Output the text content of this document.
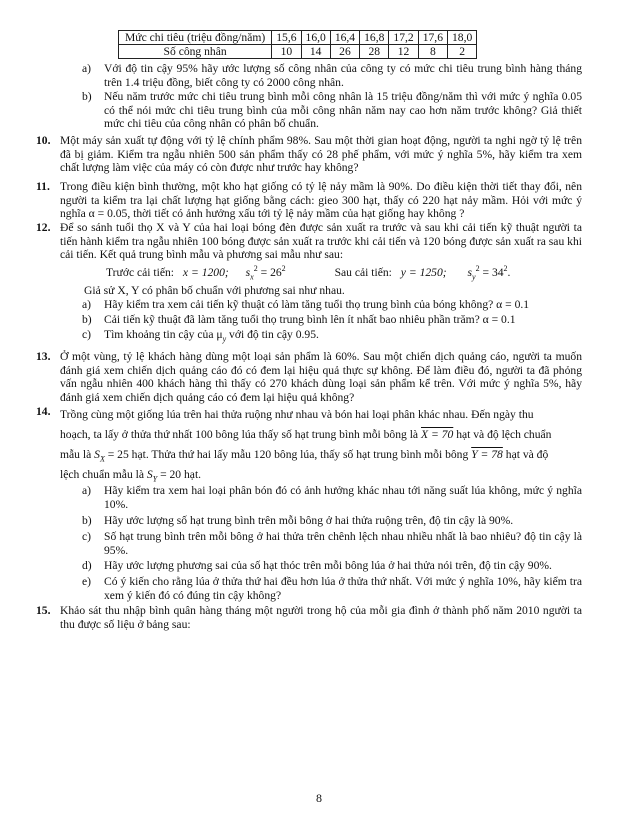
Mức chi tiêu (triệu đồng/năm)	15,6	16,0	16,4	16,8	17,2	17,6	18,0
Số công nhân	10	14	26	28	12	8	2
a)	Với độ tin cậy 95% hãy ước lượng số công nhân của công ty có mức chi tiêu trung bình hàng tháng trên 1.4 triệu đồng, biết công ty có 2000 công nhân.
b)	Nếu năm trước mức chi tiêu trung bình mỗi công nhân là 15 triệu đồng/năm thì với mức ý nghĩa 0.05 có thể nói mức chi tiêu trung bình của mỗi công nhân năm nay cao hơn năm trước không? Giả thiết mức chi tiêu của công nhân có phân bố chuẩn.
10. Một máy sản xuất tự động với tỷ lệ chính phẩm 98%. Sau một thời gian hoạt động, người ta nghi ngờ tỷ lệ trên đã bị giảm. Kiểm tra ngẫu nhiên 500 sản phẩm thấy có 28 phế phẩm, với mức ý nghĩa 5%, hãy kiểm tra xem chất lượng làm việc của máy có còn được như trước hay không?
11. Trong điều kiện bình thường, một kho hạt giống có tỷ lệ nảy mầm là 90%. Do điều kiện thời tiết thay đổi, nên người ta kiểm tra lại chất lượng hạt giống bằng cách: gieo 300 hạt, thấy có 220 hạt nảy mầm. Hỏi với mức ý nghĩa α = 0.05, thời tiết có ảnh hưởng xấu tới tỷ lệ nảy mầm của hạt giống hay không ?
12. Để so sánh tuổi thọ X và Y của hai loại bóng đèn được sản xuất ra trước và sau khi cải tiến kỹ thuật người ta tiến hành kiểm tra ngẫu nhiên 100 bóng được sản xuất ra trước khi cải tiến và 120 bóng được sản xuất ra sau khi cải tiến. Kết quả trung bình mẫu và phương sai mẫu như sau:
Trước cải tiến: x = 1200; $s_x^2 = 26^2$	Sau cải tiến: y = 1250; $s_y^2 = 34^2$.
Giả sử X, Y có phân bố chuẩn với phương sai như nhau.
a)	Hãy kiểm tra xem cải tiến kỹ thuật có làm tăng tuổi thọ trung bình của bóng không? α = 0.1
b)	Cải tiến kỹ thuật đã làm tăng tuổi thọ trung bình lên ít nhất bao nhiêu phần trăm? α = 0.1
c)	Tìm khoảng tin cậy của $\mu_y$ với độ tin cậy 0.95.
13. Ở một vùng, tỷ lệ khách hàng dùng một loại sản phẩm là 60%. Sau một chiến dịch quảng cáo, người ta muốn đánh giá xem chiến dịch quảng cáo đó có đem lại hiệu quả thực sự không. Để làm điều đó, người ta đã phỏng vấn ngẫu nhiên 400 khách hàng thì thấy có 270 khách dùng loại sản phẩm kể trên. Với mức ý nghĩa 5%, hãy đánh giá xem chiến dịch quảng cáo có đem lại hiệu quả không?
14. Trồng cùng một giống lúa trên hai thửa ruộng như nhau và bón hai loại phân khác nhau. Đến ngày thu
hoạch, ta lấy ở thửa thứ nhất 100 bông lúa thấy số hạt trung bình mỗi bông là X = 70 hạt và độ lệch chuẩn
mẫu là $S_X = 25$ hạt. Thửa thứ hai lấy mẫu 120 bông lúa, thấy số hạt trung bình mỗi bông Y = 78 hạt và độ
lệch chuẩn mẫu là $S_Y = 20$ hạt.
a)	Hãy kiểm tra xem hai loại phân bón đó có ảnh hưởng khác nhau tới năng suất lúa không, mức ý nghĩa 10%.
b)	Hãy ước lượng số hạt trung bình trên mỗi bông ở hai thửa ruộng trên, độ tin cậy là 90%.
c)	Số hạt trung bình trên mỗi bông ở hai thửa trên chênh lệch nhau nhiều nhất là bao nhiêu? độ tin cậy là 95%.
d)	Hãy ước lượng phương sai của số hạt thóc trên mỗi bông lúa ở hai thửa nói trên, độ tin cậy 90%.
e)	Có ý kiến cho rằng lúa ở thửa thứ hai đều hơn lúa ở thửa thứ nhất. Với mức ý nghĩa 10%, hãy kiểm tra xem ý kiến đó có đúng tin cậy không?
15. Khảo sát thu nhập bình quân hàng tháng một người trong hộ của mỗi gia đình ở thành phố năm 2010 người ta thu được số liệu ở bảng sau:
8
